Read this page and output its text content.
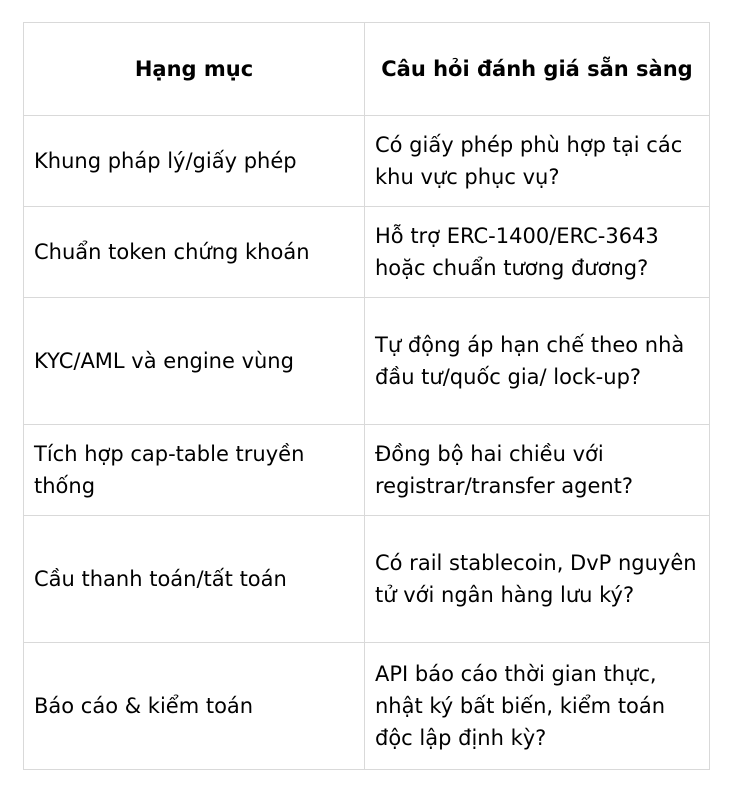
Hạng mục	Câu hỏi đánh giá sẵn sàng
Khung pháp lý/giấy phép	Có giấy phép phù hợp tại các khu vực phục vụ?
Chuẩn token chứng khoán	Hỗ trợ ERC-1400/ERC-3643 hoặc chuẩn tương đương?
KYC/AML và engine vùng	Tự động áp hạn chế theo nhà đầu tư/quốc gia/ lock-up?
Tích hợp cap-table truyền thống	Đồng bộ hai chiều với registrar/transfer agent?
Cầu thanh toán/tất toán	Có rail stablecoin, DvP nguyên tử với ngân hàng lưu ký?
Báo cáo & kiểm toán	API báo cáo thời gian thực, nhật ký bất biến, kiểm toán độc lập định kỳ?
